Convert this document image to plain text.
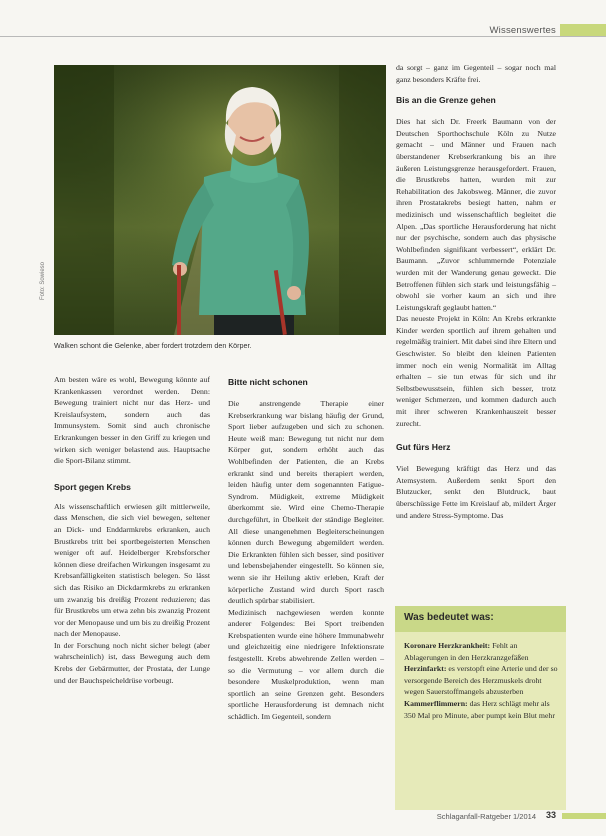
Wissenswertes
Foto: Sowieso
Walken schont die Gelenke, aber fordert trotzdem den Körper.

Am besten wäre es wohl, Bewegung könnte auf Krankenkassen verordnet werden. Denn: Bewegung trainiert nicht nur das Herz- und Kreislaufsystem, sondern auch das Immunsystem. Somit sind auch chronische Erkrankungen besser in den Griff zu kriegen und wirken sich weniger belastend aus. Hauptsache die Sport-Bilanz stimmt.

Sport gegen Krebs

Als wissenschaftlich erwiesen gilt mittlerweile, dass Menschen, die sich viel bewegen, seltener an Dick- und Enddarmkrebs erkranken, auch Brustkrebs tritt bei sportbegeisterten Menschen weniger oft auf. Heidelberger Krebsforscher können diese dreifachen Wirkungen insgesamt zu Krebsanfälligkeiten statistisch belegen. So lässt sich das Risiko an Dickdarmkrebs zu erkranken um zwanzig bis dreißig Prozent reduzieren; das für Brustkrebs um etwa zehn bis zwanzig Prozent vor der Menopause und um bis zu dreißig Prozent nach der Menopause.

In der Forschung noch nicht sicher belegt (aber wahrscheinlich) ist, dass Bewegung auch dem Krebs der Gebärmutter, der Prostata, der Lunge und der Bauchspeicheldrüse vorbeugt.

Bitte nicht schonen

Die anstrengende Therapie einer Krebserkrankung war bislang häufig der Grund, Sport lieber aufzugeben und sich zu schonen. Heute weiß man: Bewegung tut nicht nur dem Körper gut, sondern erhöht auch das Wohlbefinden der Patienten, die an Krebs erkrankt sind und bereits therapiert werden, leiden häufig unter dem sogenannten Fatigue-Syndrom. Müdigkeit, extreme Müdigkeit überkommt sie. Wird eine Chemo-Therapie durchgeführt, in Übelkeit der ständige Begleiter. All diese unangenehmen Begleiterscheinungen können durch Bewegung abgemildert werden. Die Erkrankten fühlen sich besser, sind positiver und lebensbejahender eingestellt. So können sie, wenn sie ihr Heilung aktiv erleben, Kraft der körperliche Zustand wird durch Sport rasch deutlich spürbar stabilisiert.

Medizinisch nachgewiesen werden konnte anderer Folgendes: Bei Sport treibenden Krebspatienten wurde eine höhere Immunabwehr und gleichzeitig eine niedrigere Infektionsrate festgestellt. Krebs abwehrende Zellen werden – so die Vermutung – vor allem durch die besondere Muskelproduktion, wenn man sportlich an seine Grenzen geht. Besonders sportliche Herausforderung ist demnach nicht schädlich. Im Gegenteil, sondern

da sorgt – ganz im Gegenteil – sogar noch mal ganz besonders Kräfte frei.

Bis an die Grenze gehen

Dies hat sich Dr. Freerk Baumann von der Deutschen Sporthochschule Köln zu Nutze gemacht – und Männer und Frauen nach überstandener Krebserkrankung bis an ihre äußeren Leistungsgrenze herausgefordert. Frauen, die Brustkrebs hatten, wurden mit zur Rehabilitation des Jakobsweg. Männer, die zuvor ihren Prostatakrebs besiegt hatten, nahm er medizinisch und wissenschaftlich begleitet die Alpen. „Das sportliche Herausforderung hat nicht nur der psychische, sondern auch das physische Wohlbefinden signifikant verbessert“, erklärt Dr. Baumann. „Zuvor schlummernde Potenziale wurden mit der Wanderung genau geweckt. Die Betroffenen fühlen sich stark und leistungsfähig – obwohl sie vorher kaum an sich und ihre Leistungskraft geglaubt hatten.“

Das neueste Projekt in Köln: An Krebs erkrankte Kinder werden sportlich auf ihrem gehalten und regelmäßig trainiert. Mit dabei sind ihre Eltern und Geschwister. So bleibt den kleinen Patienten immer noch ein wenig Normalität im Alltag erhalten – sie tun etwas für sich und ihr Selbstbewusstsein, fühlen sich besser, trotz weniger Schmerzen, und kommen dadurch auch mit ihrer schweren Krankenhauszeit besser zurecht.

Gut fürs Herz

Viel Bewegung kräftigt das Herz und das Atemsystem. Außerdem senkt Sport den Blutzucker, senkt den Blutdruck, baut überschüssige Fette im Kreislauf ab, mildert Ärger und andere Stress-Symptome. Das

Was bedeutet was:

Koronare Herzkrankheit: Fehlt an Ablagerungen in den Herzkranzgefäßen

Herzinfarkt: es verstopft eine Arterie und der so versorgende Bereich des Herzmuskels droht wegen Sauerstoffmangels abzusterben

Kammerflimmern: das Herz schlägt mehr als 350 Mal pro Minute, aber pumpt kein Blut mehr

Schlaganfall-Ratgeber 1/2014 33
